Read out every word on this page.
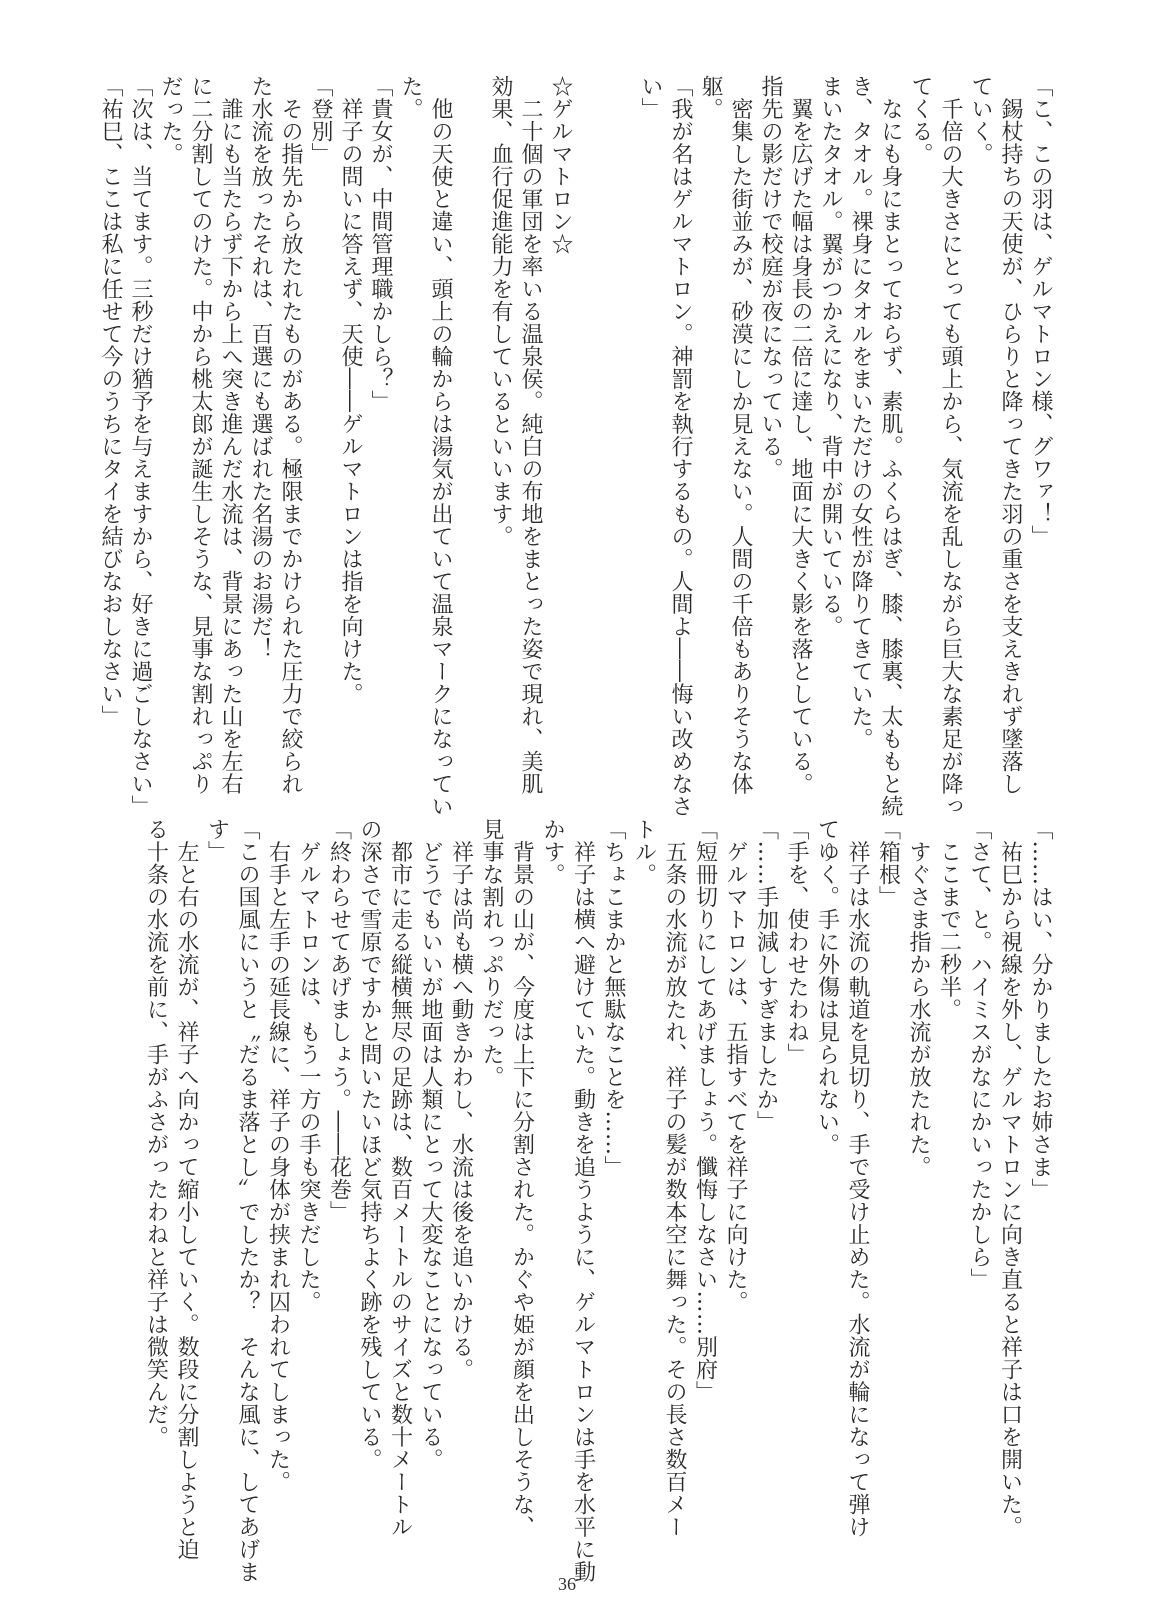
「こ、この羽は、ゲルマトロン様、グワァ！」
　錫杖持ちの天使が、ひらりと降ってきた羽の重さを支えきれず墜落し
ていく。
　千倍の大きさにとっても頭上から、気流を乱しながら巨大な素足が降っ
てくる。
　なにも身にまとっておらず、素肌。ふくらはぎ、膝、膝裏、太ももと続
き、タオル。裸身にタオルをまいただけの女性が降りてきていた。
まいたタオル。翼がつかえになり、背中が開いている。
　翼を広げた幅は身長の二倍に達し、地面に大きく影を落としている。
指先の影だけで校庭が夜になっている。
　密集した街並みが、砂漠にしか見えない。人間の千倍もありそうな体
躯。
「我が名はゲルマトロン。神罰を執行するもの。人間よ――悔い改めなさ
い」

☆ゲルマトロン☆
　二十個の軍団を率いる温泉侯。純白の布地をまとった姿で現れ、美肌
効果、血行促進能力を有しているといいます。

　他の天使と違い、頭上の輪からは湯気が出ていて温泉マークになってい
た。
「貴女が、中間管理職かしら？」
　祥子の問いに答えず、天使――ゲルマトロンは指を向けた。
「登別」
　その指先から放たれたものがある。極限までかけられた圧力で絞られ
た水流を放ったそれは、百選にも選ばれた名湯のお湯だ！
　誰にも当たらず下から上へ突き進んだ水流は、背景にあった山を左右
に二分割してのけた。中から桃太郎が誕生しそうな、見事な割れっぷり
だった。
「次は、当てます。三秒だけ猶予を与えますから、好きに過ごしなさい」
「祐巳、ここは私に任せて今のうちにタイを結びなおしなさい」
「……はい、分かりましたお姉さま」
　祐巳から視線を外し、ゲルマトロンに向き直ると祥子は口を開いた。
「さて、と。ハイミスがなにかいったかしら」
　ここまで二秒半。
　すぐさま指から水流が放たれた。
「箱根」
　祥子は水流の軌道を見切り、手で受け止めた。水流が輪になって弾け
てゆく。手に外傷は見られない。
「手を、使わせたわね」
「……手加減しすぎましたか」
　ゲルマトロンは、五指すべてを祥子に向けた。
「短冊切りにしてあげましょう。懺悔しなさい……別府」
　五条の水流が放たれ、祥子の髪が数本空に舞った。その長さ数百メー
トル。
「ちょこまかと無駄なことを……」
　祥子は横へ避けていた。動きを追うように、ゲルマトロンは手を水平に動
かす。
　背景の山が、今度は上下に分割された。かぐや姫が顔を出しそうな、
見事な割れっぷりだった。
　祥子は尚も横へ動きかわし、水流は後を追いかける。
　どうでもいいが地面は人類にとって大変なことになっている。
　都市に走る縦横無尽の足跡は、数百メートルのサイズと数十メートル
の深さで雪原ですかと問いたいほど気持ちよく跡を残している。
「終わらせてあげましょう。――花巻」
　ゲルマトロンは、もう一方の手も突きだした。
　右手と左手の延長線に、祥子の身体が挟まれ囚われてしまった。
「この国風にいうと〝だるま落とし〟でしたか？　そんな風に、してあげま
す」
　左と右の水流が、祥子へ向かって縮小していく。数段に分割しようと迫
る十条の水流を前に、手がふさがったわねと祥子は微笑んだ。
36
